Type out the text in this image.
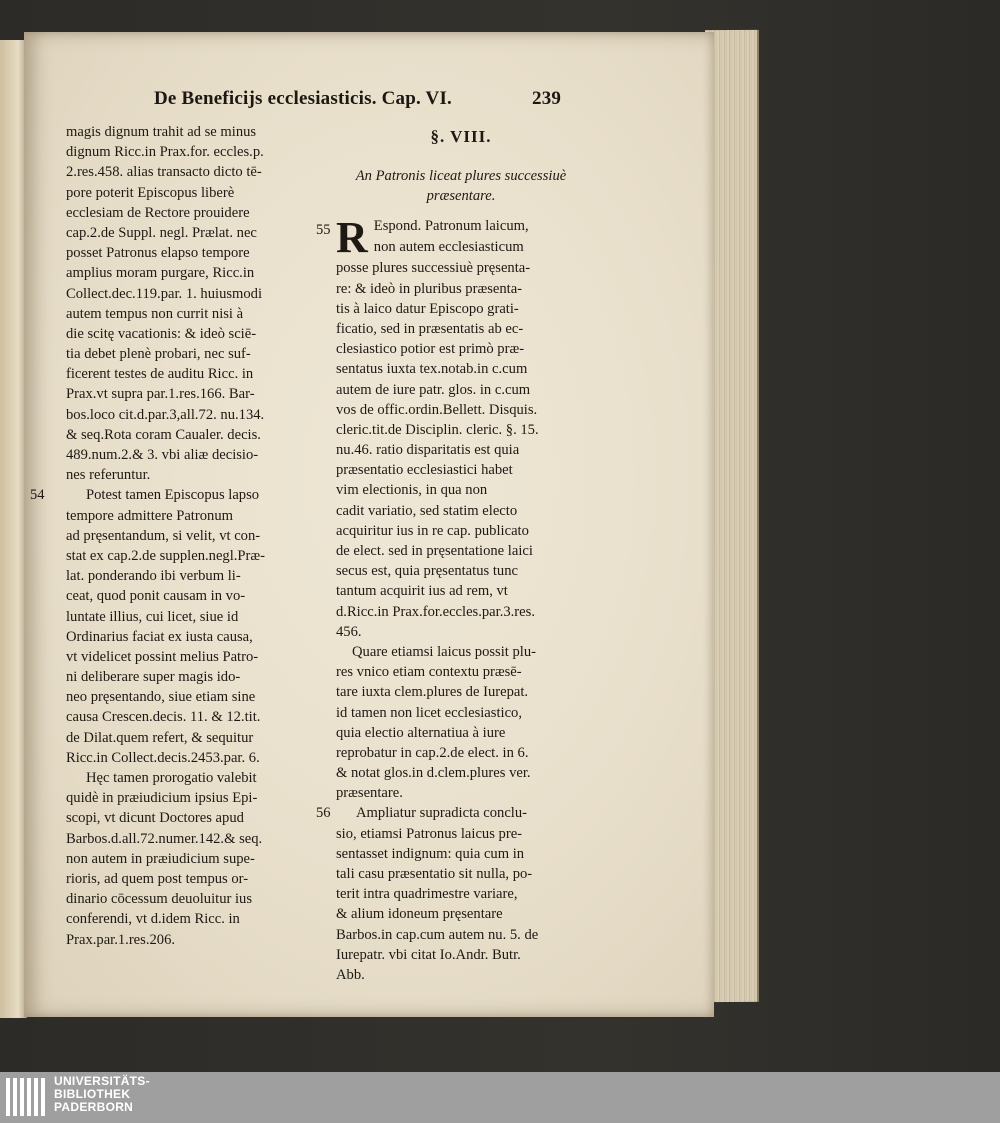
De Beneficijs ecclesiasticis. Cap. VI.	239
magis dignum trahit ad se minus
dignum Ricc.in Prax.for. eccles.p.
2.res.458. alias transacto dicto tē-
pore poterit Episcopus liberè
ecclesiam de Rectore prouidere
cap.2.de Suppl. negl. Prælat. nec
posset Patronus elapso tempore
amplius moram purgare, Ricc.in
Collect.dec.119.par. 1. huiusmodi
autem tempus non currit nisi à
die scitę vacationis: & ideò sciē-
tia debet plenè probari, nec suf-
ficerent testes de auditu Ricc. in
Prax.vt supra par.1.res.166. Bar-
bos.loco cit.d.par.3,all.72. nu.134.
& seq.Rota coram Caualer. decis.
489.num.2.& 3. vbi aliæ decisio-
nes referuntur.
54	Potest tamen Episcopus lapso
tempore admittere Patronum
ad pręsentandum, si velit, vt con-
stat ex cap.2.de supplen.negl.Præ-
lat. ponderando ibi verbum li-
ceat, quod ponit causam in vo-
luntate illius, cui licet, siue id
Ordinarius faciat ex iusta causa,
vt videlicet possint melius Patro-
ni deliberare super magis ido-
neo pręsentando, siue etiam sine
causa Crescen.decis. 11. & 12.tit.
de Dilat.quem refert, & sequitur
Ricc.in Collect.decis.2453.par. 6.
Hęc tamen prorogatio valebit
quidè in præiudicium ipsius Epi-
scopi, vt dicunt Doctores apud
Barbos.d.all.72.numer.142.& seq.
non autem in præiudicium supe-
rioris, ad quem post tempus or-
dinario cōcessum deuoluitur ius
conferendi, vt d.idem Ricc. in
Prax.par.1.res.206.
§. VIII.
An Patronis liceat plures successiuè
præsentare.
55 R Espond. Patronum laicum,
non autem ecclesiasticum
posse plures successiuè pręsenta-
re: & ideò in pluribus præsenta-
tis à laico datur Episcopo grati-
ficatio, sed in præsentatis ab ec-
clesiastico potior est primò præ-
sentatus iuxta tex.notab.in c.cum
autem de iure patr. glos. in c.cum
vos de offic.ordin.Bellett. Disquis.
cleric.tit.de Disciplin. cleric. §. 15.
nu.46. ratio disparitatis est quia
præsentatio ecclesiastici habet
vim electionis, in qua non
cadit variatio, sed statim electo
acquiritur ius in re cap. publicato
de elect. sed in pręsentatione laici
secus est, quia pręsentatus tunc
tantum acquirit ius ad rem, vt
d.Ricc.in Prax.for.eccles.par.3.res.
456.
Quare etiamsi laicus possit plu-
res vnico etiam contextu præsē-
tare iuxta clem.plures de Iurepat.
id tamen non licet ecclesiastico,
quia electio alternatiua à iure
reprobatur in cap.2.de elect. in 6.
& notat glos.in d.clem.plures ver.
præsentare.
56	Ampliatur supradicta conclu-
sio, etiamsi Patronus laicus pre-
sentasset indignum: quia cum in
tali casu præsentatio sit nulla, po-
terit intra quadrimestre variare,
& alium idoneum pręsentare
Barbos.in cap.cum autem nu. 5. de
Iurepatr. vbi citat Io.Andr. Butr.
Abb.
UNIVERSITÄTS-
BIBLIOTHEK
PADERBORN
